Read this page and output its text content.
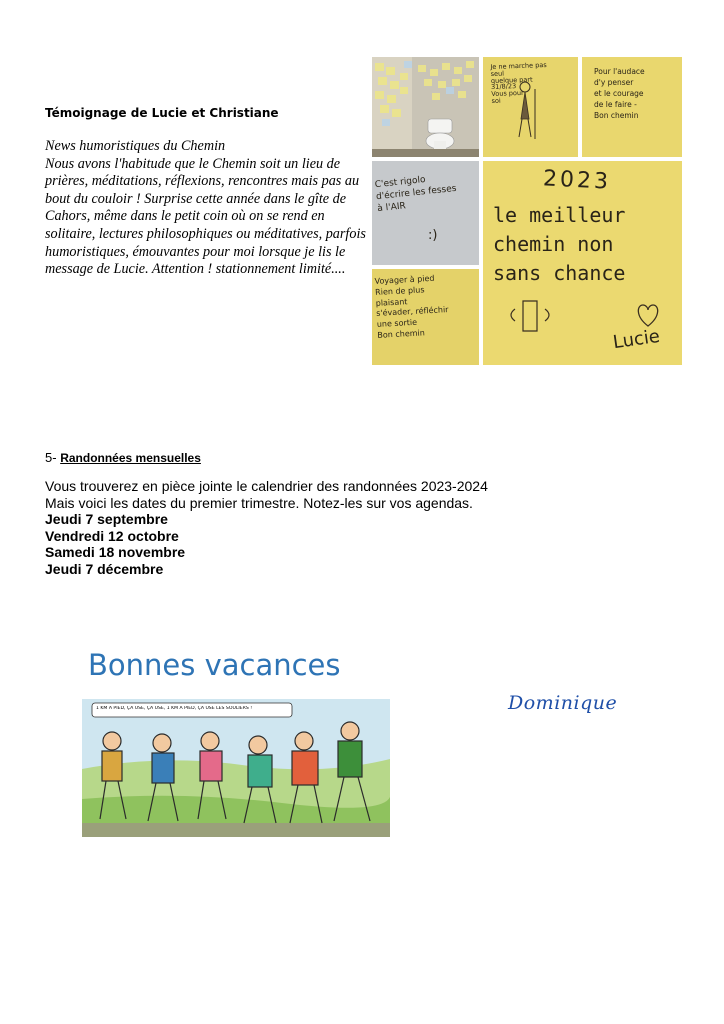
Témoignage de Lucie et Christiane

News humoristiques du Chemin

Nous avons l'habitude que le Chemin soit un lieu de prières, méditations, réflexions, rencontres mais pas au bout du couloir ! Surprise cette année dans le gîte de Cahors, même dans le petit coin où on se rend en solitaire, lectures philosophiques ou méditatives, parfois humoristiques, émouvantes pour moi lorsque je lis le message de Lucie. Attention ! stationnement limité....

Je ne marche pas
seul
quelque part
31/8/23
Vous pour
soi
Pour l'audace
d'y penser
et le courage
de le faire -
Bon chemin
C'est rigolo
d'écrire les fesses
à l'AIR
:)
2023
le meilleur
chemin non
sans chance
Lucie
Voyager à pied
Rien de plus
plaisant
s'évader, réfléchir
une sortie
Bon chemin
5- Randonnées mensuelles
Vous trouverez en pièce jointe le calendrier des randonnées 2023-2024
Mais voici les dates du premier trimestre. Notez-les sur vos agendas.
Jeudi 7 septembre
Vendredi 12 octobre
Samedi 18 novembre
Jeudi 7 décembre
Bonnes vacances
Dominique
1 KM À PIED, ÇA USE, ÇA USE, 1 KM À PIED, ÇA USE LES SOULIERS !
